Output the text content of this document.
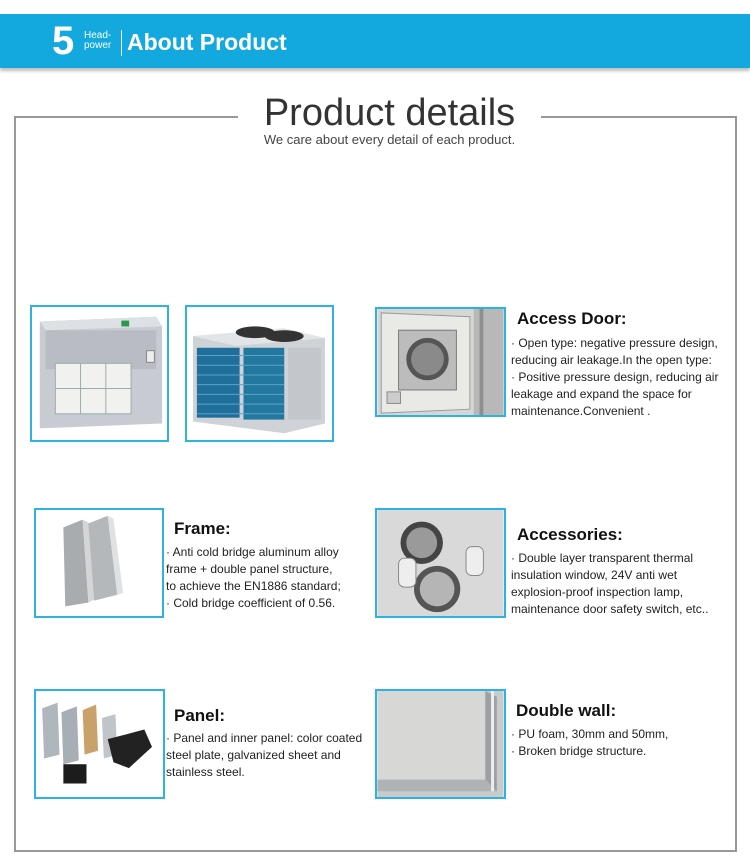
5 Head-
power About Product
Product details
We care about every detail of each product.
Access Door:
· Open type: negative pressure design,
reducing air leakage.In the open type:
· Positive pressure design, reducing air
leakage and expand the space for
maintenance.Convenient .
Frame:
· Anti cold bridge aluminum alloy
frame + double panel structure,
to achieve the EN1886 standard;
· Cold bridge coefficient of 0.56.
Accessories:
· Double layer transparent thermal
insulation window, 24V anti wet
explosion-proof inspection lamp,
maintenance door safety switch, etc..
Panel:
· Panel and inner panel: color coated
steel plate, galvanized sheet and
stainless steel.
Double wall:
· PU foam, 30mm and 50mm,
· Broken bridge structure.
